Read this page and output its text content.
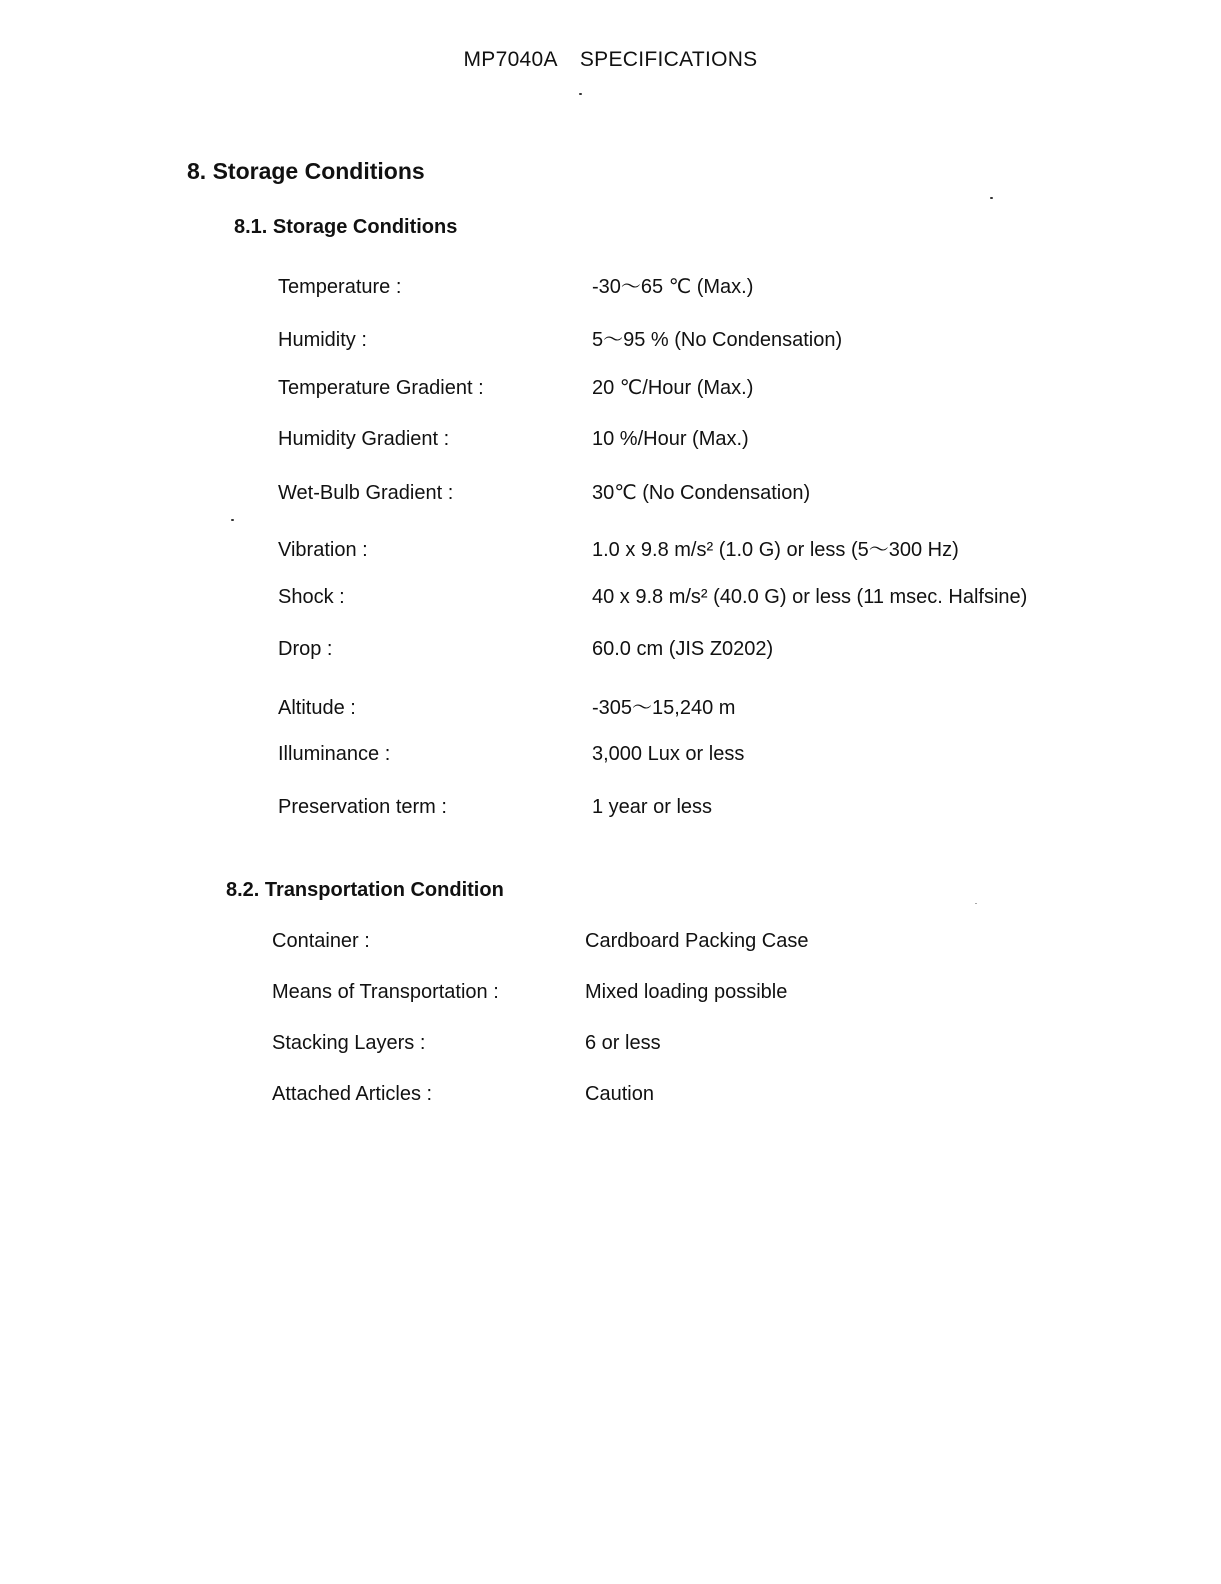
MP7040A SPECIFICATIONS
8. Storage Conditions
8.1. Storage Conditions
Temperature :	-30〜65 ℃ (Max.)
Humidity :	5〜95 % (No Condensation)
Temperature Gradient :	20 ℃/Hour (Max.)
Humidity Gradient :	10 %/Hour (Max.)
Wet-Bulb Gradient :	30℃ (No Condensation)
Vibration :	1.0 x 9.8 m/s² (1.0 G) or less (5〜300 Hz)
Shock :	40 x 9.8 m/s² (40.0 G) or less (11 msec. Halfsine)
Drop :	60.0 cm (JIS Z0202)
Altitude :	-305〜15,240 m
Illuminance :	3,000 Lux or less
Preservation term :	1 year or less
8.2. Transportation Condition
Container :	Cardboard Packing Case
Means of Transportation :	Mixed loading possible
Stacking Layers :	6 or less
Attached Articles :	Caution
